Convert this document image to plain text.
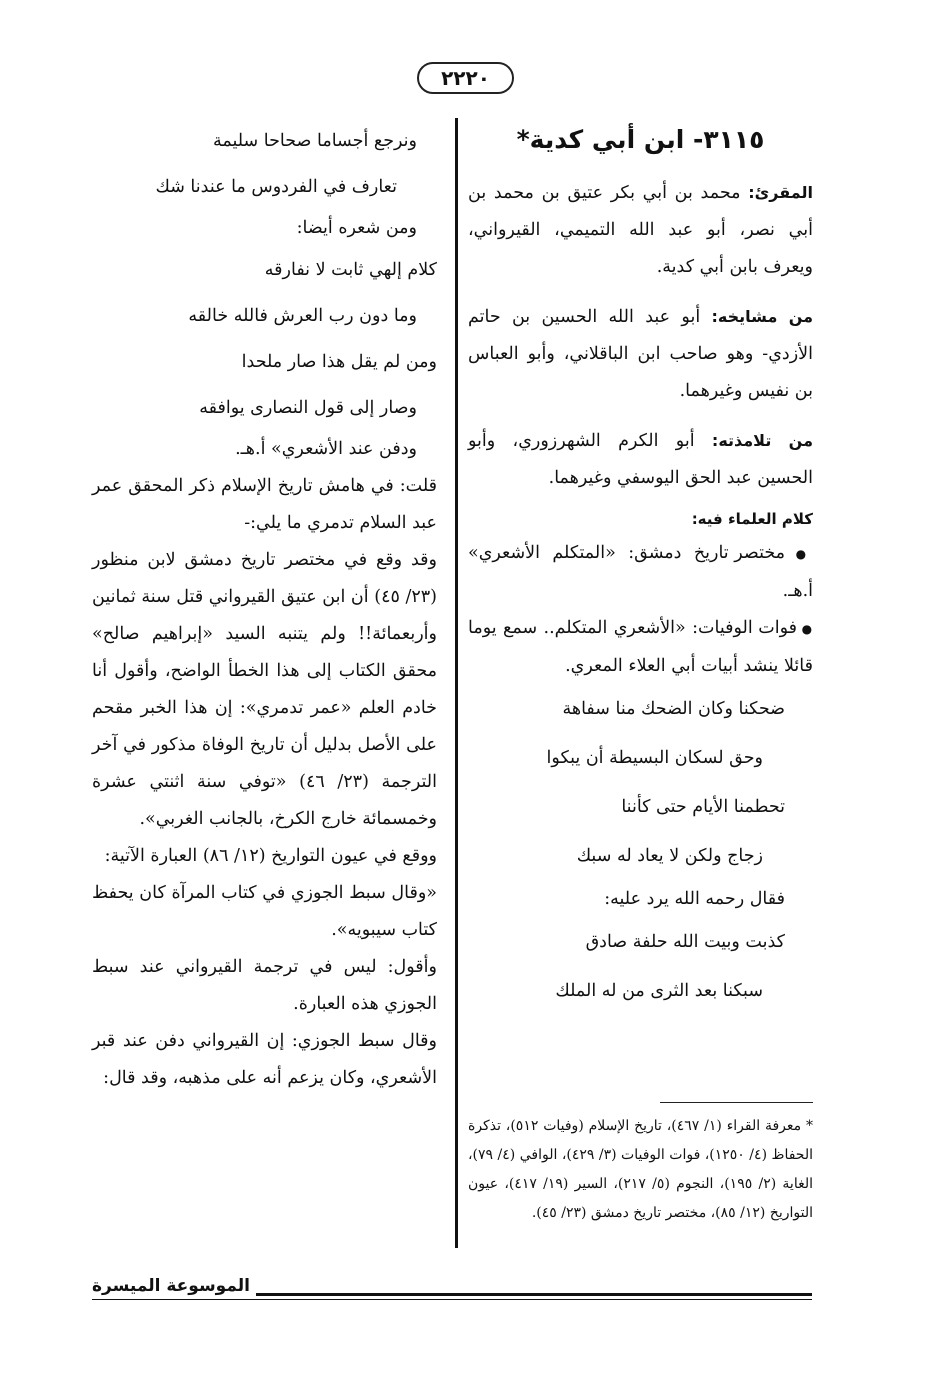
٢٢٢٠
٣١١٥- ابن أبي كدية*

المقرئ: محمد بن أبي بكر عتيق بن محمد بن أبي نصر، أبو عبد الله التميمي، القيرواني، ويعرف بابن أبي كدية.

من مشايخه: أبو عبد الله الحسين بن حاتم الأزدي- وهو صاحب ابن الباقلاني، وأبو العباس بن نفيس وغيرهما.

من تلامذته: أبو الكرم الشهرزوري، وأبو الحسين عبد الحق اليوسفي وغيرهما.

كلام العلماء فيه:

● مختصر تاريخ دمشق: «المتكلم الأشعري» أ.هـ.

● فوات الوفيات: «الأشعري المتكلم.. سمع يوما قائلا ينشد أبيات أبي العلاء المعري.

ضحكنا وكان الضحك منا سفاهة
وحق لسكان البسيطة أن يبكوا
تحطمنا الأيام حتى كأننا
زجاج ولكن لا يعاد له سبك

فقال رحمه الله يرد عليه:

كذبت وبيت الله حلفة صادق
سبكنا بعد الثرى من له الملك
* معرفة القراء (١/ ٤٦٧)، تاريخ الإسلام (وفيات ٥١٢)، تذكرة الحفاظ (٤/ ١٢٥٠)، فوات الوفيات (٣/ ٤٢٩)، الوافي (٤/ ٧٩)، الغاية (٢/ ١٩٥)، النجوم (٥/ ٢١٧)، السير (١٩/ ٤١٧)، عيون التواريخ (١٢/ ٨٥)، مختصر تاريخ دمشق (٢٣/ ٤٥).
ونرجع أجساما صحاحا سليمة
تعارف في الفردوس ما عندنا شك

ومن شعره أيضا:

كلام إلهي ثابت لا نفارقه
وما دون رب العرش فالله خالقه
ومن لم يقل هذا صار ملحدا
وصار إلى قول النصارى يوافقه

ودفن عند الأشعري» أ.هـ.

قلت: في هامش تاريخ الإسلام ذكر المحقق عمر عبد السلام تدمري ما يلي:-

وقد وقع في مختصر تاريخ دمشق لابن منظور (٢٣/ ٤٥) أن ابن عتيق القيرواني قتل سنة ثمانين وأربعمائة!! ولم يتنبه السيد «إبراهيم صالح» محقق الكتاب إلى هذا الخطأ الواضح، وأقول أنا خادم العلم «عمر تدمري»: إن هذا الخبر مقحم على الأصل بدليل أن تاريخ الوفاة مذكور في آخر الترجمة (٢٣/ ٤٦) «توفي سنة اثنتي عشرة وخمسمائة خارج الكرخ، بالجانب الغربي».

ووقع في عيون التواريخ (١٢/ ٨٦) العبارة الآتية:

«وقال سبط الجوزي في كتاب المرآة كان يحفظ كتاب سيبويه».

وأقول: ليس في ترجمة القيرواني عند سبط الجوزي هذه العبارة.

وقال سبط الجوزي: إن القيرواني دفن عند قبر الأشعري، وكان يزعم أنه على مذهبه، وقد قال:

الموسوعة الميسرة
